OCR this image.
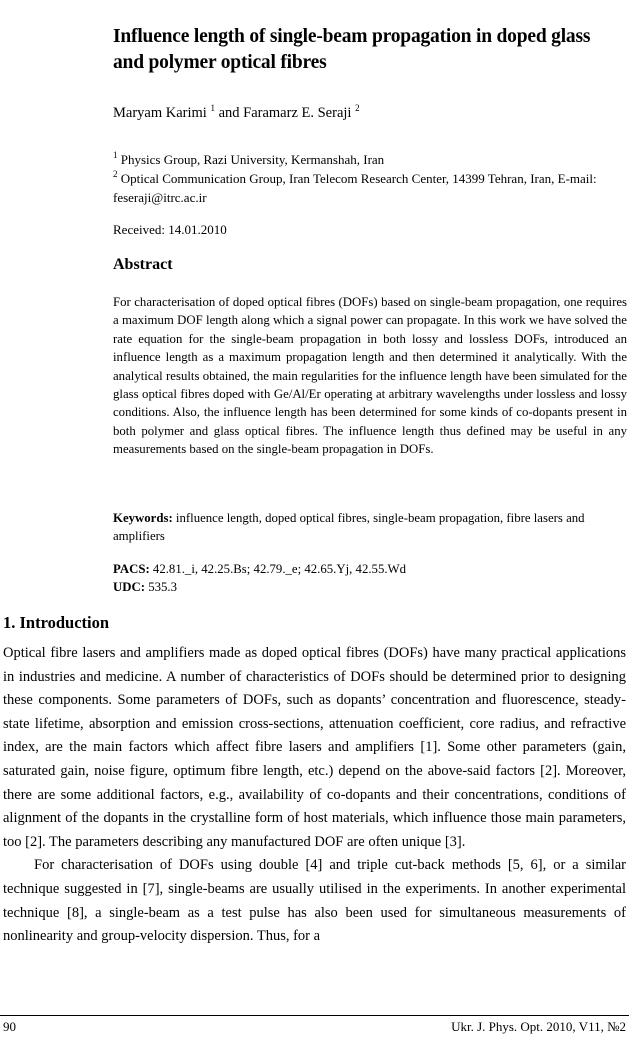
Influence length of single-beam propagation in doped glass and polymer optical fibres
Maryam Karimi $^1$ and Faramarz E. Seraji $^2$
$^1$ Physics Group, Razi University, Kermanshah, Iran
$^2$ Optical Communication Group, Iran Telecom Research Center, 14399 Tehran, Iran, E-mail: feseraji@itrc.ac.ir
Received: 14.01.2010
Abstract
For characterisation of doped optical fibres (DOFs) based on single-beam propagation, one requires a maximum DOF length along which a signal power can propagate. In this work we have solved the rate equation for the single-beam propagation in both lossy and lossless DOFs, introduced an influence length as a maximum propagation length and then determined it analytically. With the analytical results obtained, the main regularities for the influence length have been simulated for the glass optical fibres doped with Ge/Al/Er operating at arbitrary wavelengths under lossless and lossy conditions. Also, the influence length has been determined for some kinds of co-dopants present in both polymer and glass optical fibres. The influence length thus defined may be useful in any measurements based on the single-beam propagation in DOFs.
Keywords: influence length, doped optical fibres, single-beam propagation, fibre lasers and amplifiers
PACS: 42.81._i, 42.25.Bs; 42.79._e; 42.65.Yj, 42.55.Wd
UDC: 535.3
1. Introduction

Optical fibre lasers and amplifiers made as doped optical fibres (DOFs) have many practical applications in industries and medicine. A number of characteristics of DOFs should be determined prior to designing these components. Some parameters of DOFs, such as dopants’ concentration and fluorescence, steady-state lifetime, absorption and emission cross-sections, attenuation coefficient, core radius, and refractive index, are the main factors which affect fibre lasers and amplifiers [1]. Some other parameters (gain, saturated gain, noise figure, optimum fibre length, etc.) depend on the above-said factors [2]. Moreover, there are some additional factors, e.g., availability of co-dopants and their concentrations, conditions of alignment of the dopants in the crystalline form of host materials, which influence those main parameters, too [2]. The parameters describing any manufactured DOF are often unique [3].

For characterisation of DOFs using double [4] and triple cut-back methods [5, 6], or a similar technique suggested in [7], single-beams are usually utilised in the experiments. In another experimental technique [8], a single-beam as a test pulse has also been used for simultaneous measurements of nonlinearity and group-velocity dispersion. Thus, for a

90	Ukr. J. Phys. Opt. 2010, V11, №2
